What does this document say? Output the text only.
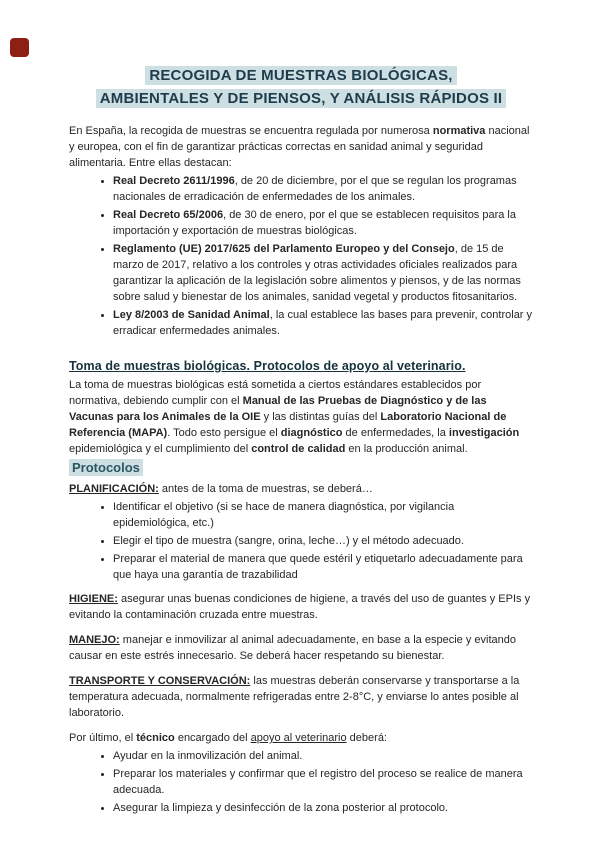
RECOGIDA DE MUESTRAS BIOLÓGICAS,
AMBIENTALES Y DE PIENSOS, Y ANÁLISIS RÁPIDOS II

En España, la recogida de muestras se encuentra regulada por numerosa normativa nacional y europea, con el fin de garantizar prácticas correctas en sanidad animal y seguridad alimentaria. Entre ellas destacan:

• Real Decreto 2611/1996, de 20 de diciembre, por el que se regulan los programas nacionales de erradicación de enfermedades de los animales.
• Real Decreto 65/2006, de 30 de enero, por el que se establecen requisitos para la importación y exportación de muestras biológicas.
• Reglamento (UE) 2017/625 del Parlamento Europeo y del Consejo, de 15 de marzo de 2017, relativo a los controles y otras actividades oficiales realizados para garantizar la aplicación de la legislación sobre alimentos y piensos, y de las normas sobre salud y bienestar de los animales, sanidad vegetal y productos fitosanitarios.
• Ley 8/2003 de Sanidad Animal, la cual establece las bases para prevenir, controlar y erradicar enfermedades animales.
Toma de muestras biológicas. Protocolos de apoyo al veterinario.

La toma de muestras biológicas está sometida a ciertos estándares establecidos por normativa, debiendo cumplir con el Manual de las Pruebas de Diagnóstico y de las Vacunas para los Animales de la OIE y las distintas guías del Laboratorio Nacional de Referencia (MAPA). Todo esto persigue el diagnóstico de enfermedades, la investigación epidemiológica y el cumplimiento del control de calidad en la producción animal.

Protocolos

PLANIFICACIÓN: antes de la toma de muestras, se deberá…

• Identificar el objetivo (si se hace de manera diagnóstica, por vigilancia epidemiológica, etc.)
• Elegir el tipo de muestra (sangre, orina, leche…) y el método adecuado.
• Preparar el material de manera que quede estéril y etiquetarlo adecuadamente para que haya una garantía de trazabilidad

HIGIENE: asegurar unas buenas condiciones de higiene, a través del uso de guantes y EPIs y evitando la contaminación cruzada entre muestras.

MANEJO: manejar e inmovilizar al animal adecuadamente, en base a la especie y evitando causar en este estrés innecesario. Se deberá hacer respetando su bienestar.

TRANSPORTE Y CONSERVACIÓN: las muestras deberán conservarse y transportarse a la temperatura adecuada, normalmente refrigeradas entre 2-8°C, y enviarse lo antes posible al laboratorio.

Por último, el técnico encargado del apoyo al veterinario deberá:

• Ayudar en la inmovilización del animal.
• Preparar los materiales y confirmar que el registro del proceso se realice de manera adecuada.
• Asegurar la limpieza y desinfección de la zona posterior al protocolo.
